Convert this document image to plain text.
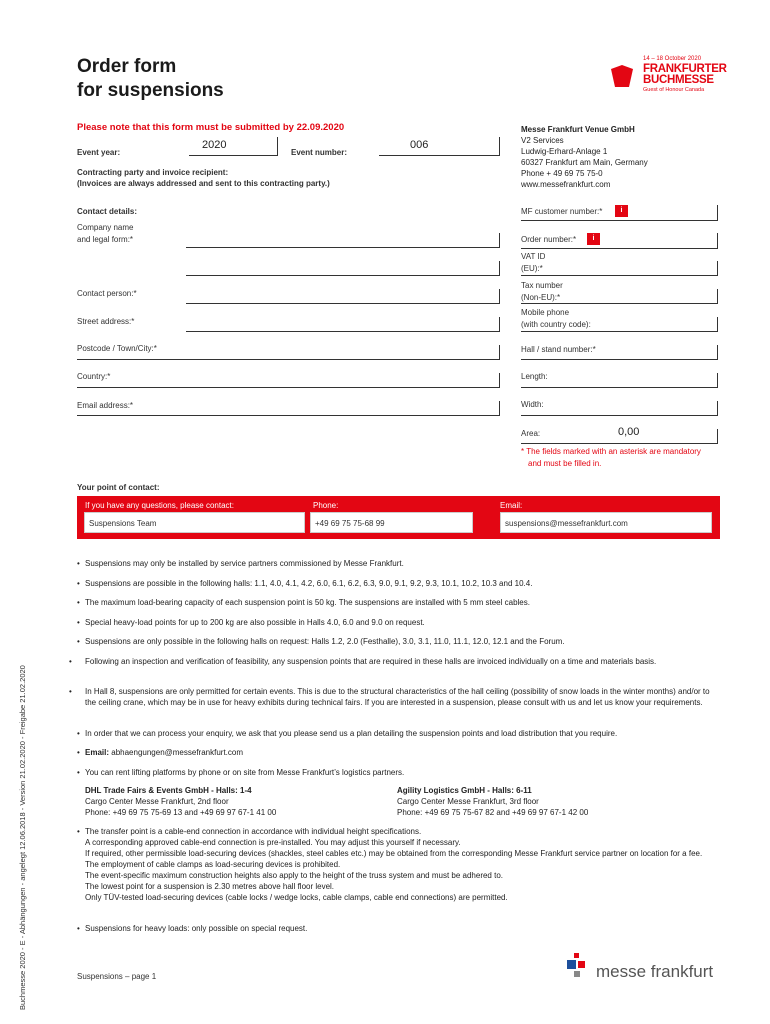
Order form
for suspensions
14 – 18 October 2020
FRANKFURTER
BUCHMESSE
Guest of Honour Canada
Please note that this form must be submitted by 22.09.2020
Event year:
2020
Event number:
006
Contracting party and invoice recipient:
(Invoices are always addressed and sent to this contracting party.)
Messe Frankfurt Venue GmbH
V2 Services
Ludwig-Erhard-Anlage 1
60327 Frankfurt am Main, Germany
Phone + 49 69 75 75-0
www.messefrankfurt.com
Contact details:
Company name
and legal form:*
Contact person:*
Street address:*
Postcode / Town/City:*
Country:*
Email address:*
MF customer number:*	i
Order number:*	i
VAT ID
(EU):*
Tax number
(Non-EU):*
Mobile phone
(with country code):
Hall / stand number:*
Length:
Width:
Area:	0,00
* The fields marked with an asterisk are mandatory
and must be filled in.
Your point of contact:
If you have any questions, please contact:	Phone:	Email:
Suspensions Team	+49 69 75 75-68 99	suspensions@messefrankfurt.com
• Suspensions may only be installed by service partners commissioned by Messe Frankfurt.
• Suspensions are possible in the following halls: 1.1, 4.0, 4.1, 4.2, 6.0, 6.1, 6.2, 6.3, 9.0, 9.1, 9.2, 9.3, 10.1, 10.2, 10.3 and 10.4.
• The maximum load-bearing capacity of each suspension point is 50 kg. The suspensions are installed with 5 mm steel cables.
• Special heavy-load points for up to 200 kg are also possible in Halls 4.0, 6.0 and 9.0 on request.
• Suspensions are only possible in the following halls on request: Halls 1.2, 2.0 (Festhalle), 3.0, 3.1, 11.0, 11.1, 12.0, 12.1 and the Forum.
• Following an inspection and verification of feasibility, any suspension points that are required in these halls are invoiced individually on a time and materials basis.
• In Hall 8, suspensions are only permitted for certain events. This is due to the structural characteristics of the hall ceiling (possibility of snow loads in the winter months) and/or to the ceiling crane, which may be in use for heavy exhibits during technical fairs. If you are interested in a suspension, please consult with us and let us know your requirements.
• In order that we can process your enquiry, we ask that you please send us a plan detailing the suspension points and load distribution that you require.
• Email: abhaengungen@messefrankfurt.com
• You can rent lifting platforms by phone or on site from Messe Frankfurt’s logistics partners.
DHL Trade Fairs & Events GmbH - Halls: 1-4
Cargo Center Messe Frankfurt, 2nd floor
Phone: +49 69 75 75-69 13 and +49 69 97 67-1 41 00
Agility Logistics GmbH - Halls: 6-11
Cargo Center Messe Frankfurt, 3rd floor
Phone: +49 69 75 75-67 82 and +49 69 97 67-1 42 00
• The transfer point is a cable-end connection in accordance with individual height specifications.
A corresponding approved cable-end connection is pre-installed. You may adjust this yourself if necessary.
If required, other permissible load-securing devices (shackles, steel cables etc.) may be obtained from the corresponding Messe Frankfurt service partner on location for a fee.
The employment of cable clamps as load-securing devices is prohibited.
The event-specific maximum construction heights also apply to the height of the truss system and must be adhered to.
The lowest point for a suspension is 2.30 metres above hall floor level.
Only TÜV-tested load-securing devices (cable locks / wedge locks, cable clamps, cable end connections) are permitted.
• Suspensions for heavy loads: only possible on special request.
Suspensions – page 1	messe frankfurt
Buchmesse 2020 - E - Abhängungen - angelegt 12.06.2018 - Version 21.02.2020 - Freigabe 21.02.2020
